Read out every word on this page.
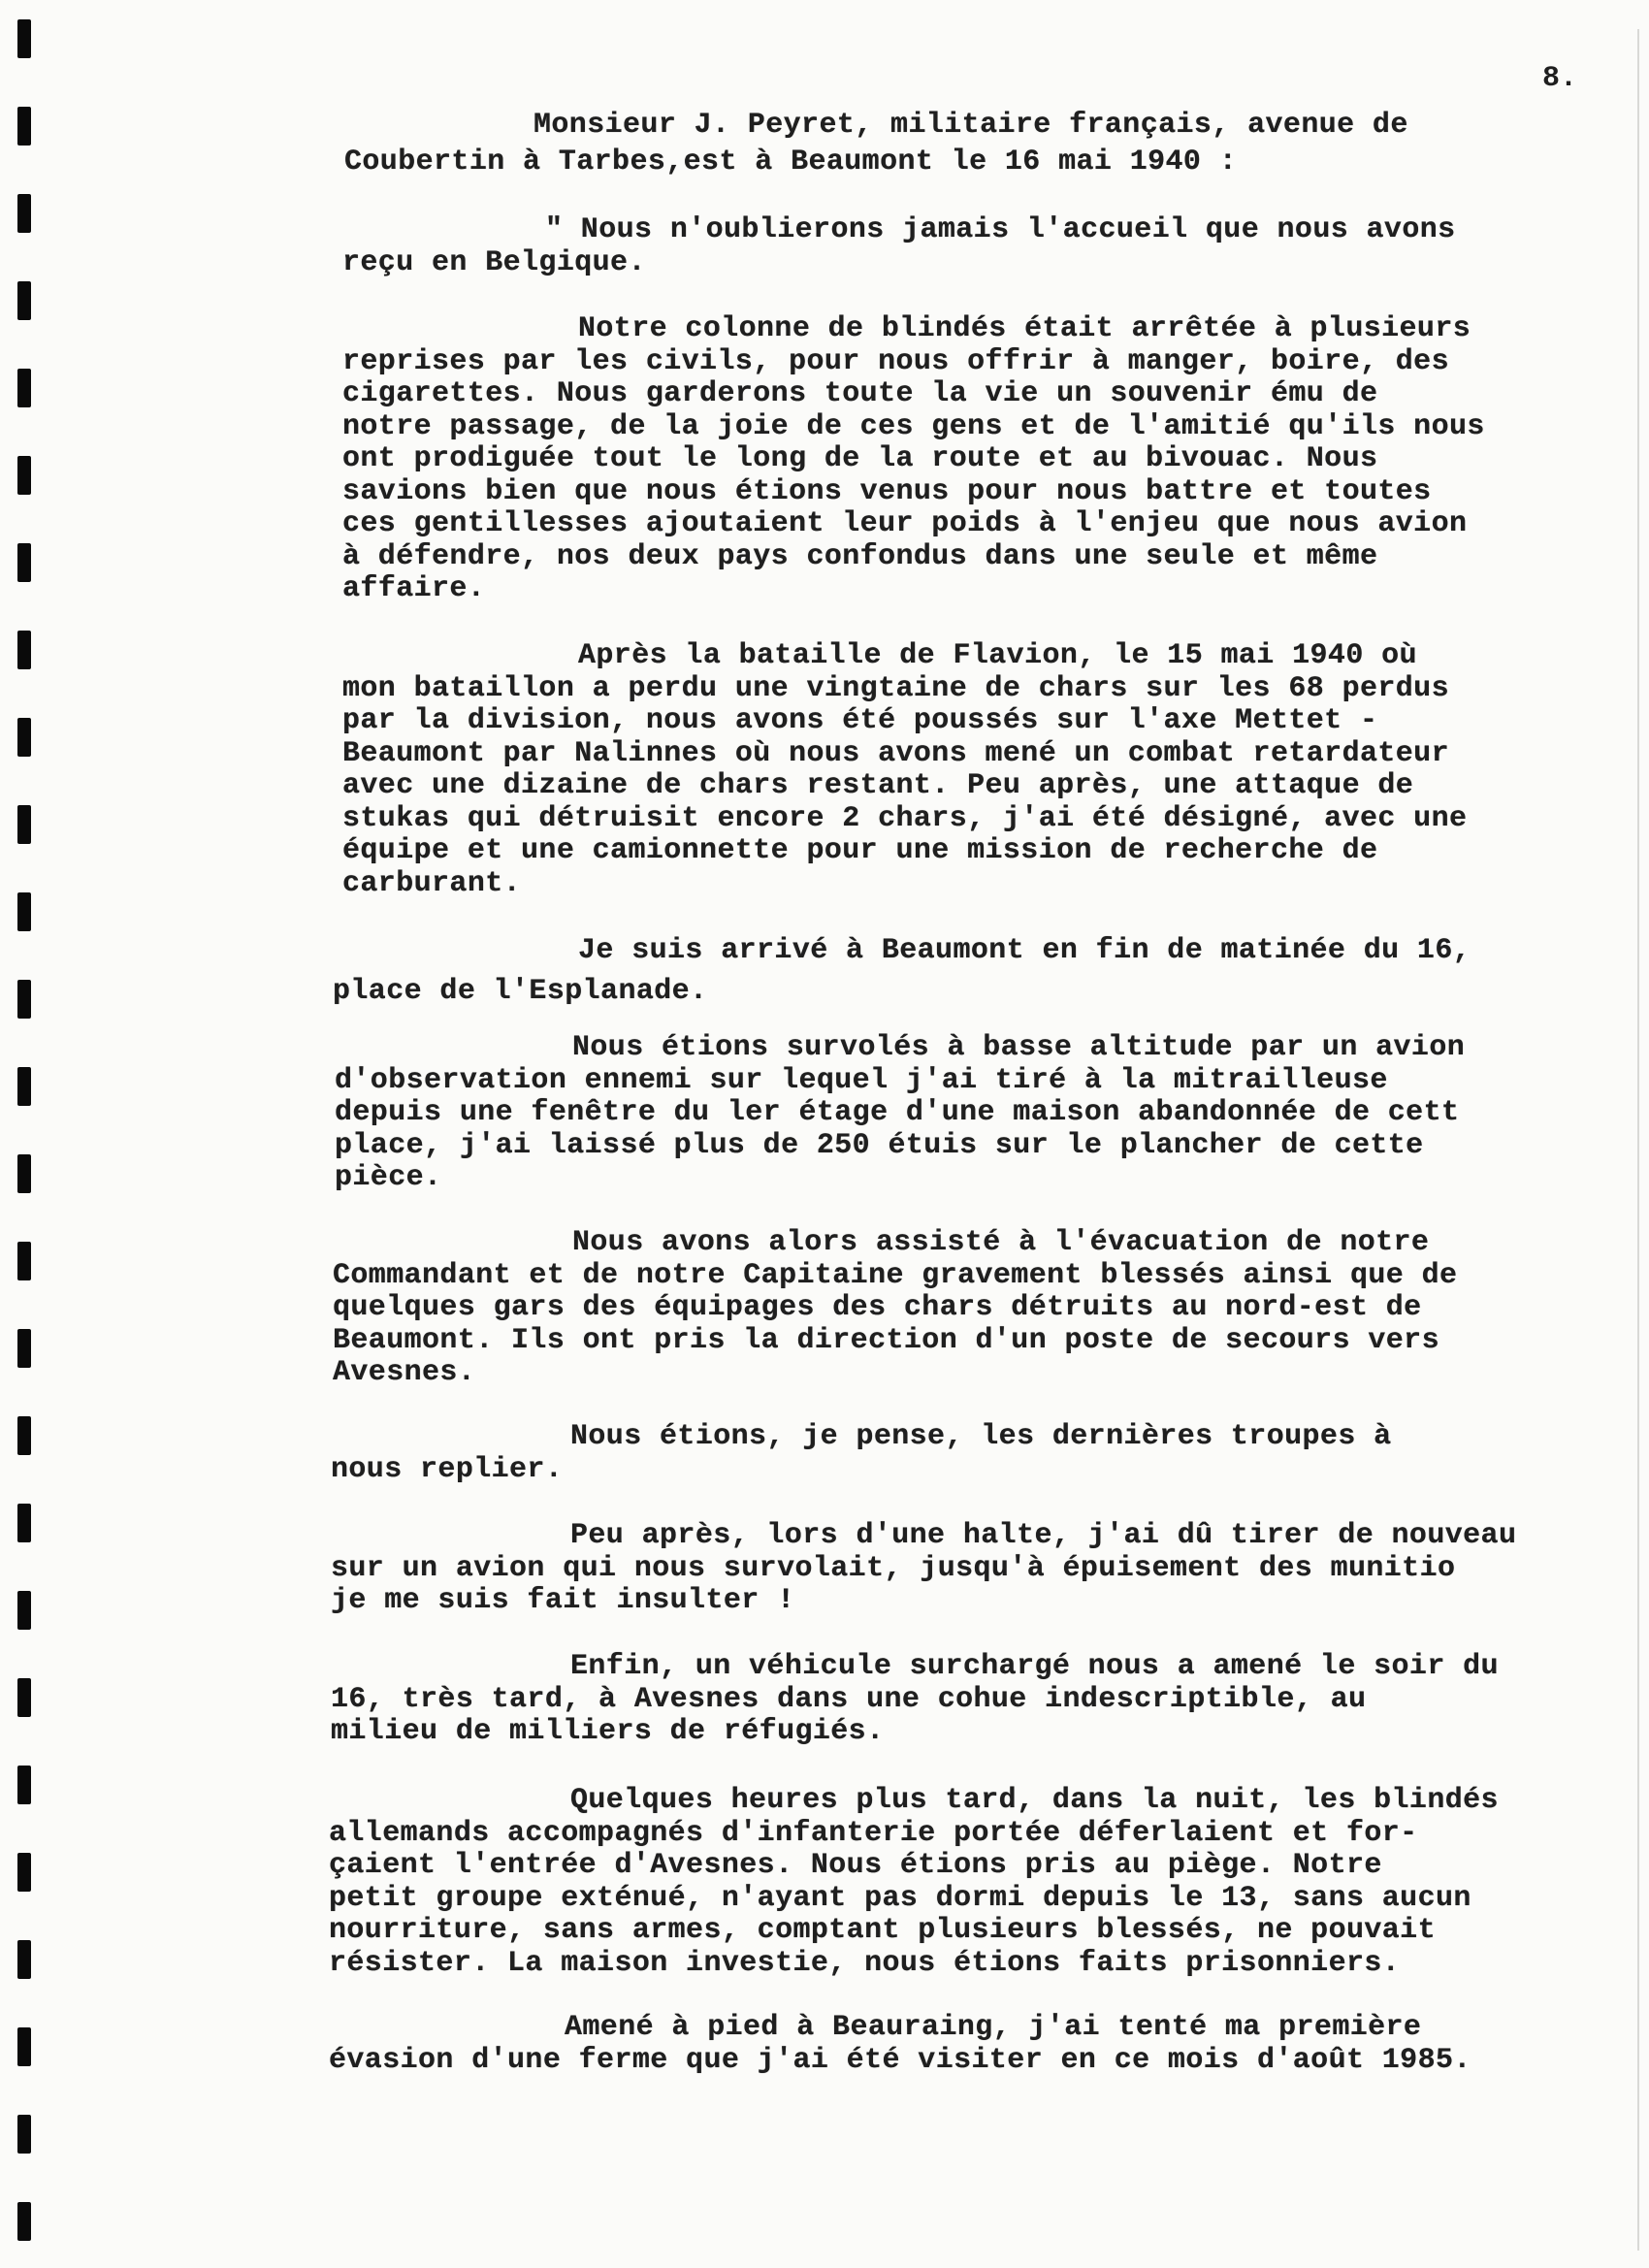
8.

Monsieur J. Peyret, militaire français, avenue de

Coubertin à Tarbes,est à Beaumont le 16 mai 1940 :

" Nous n'oublierons jamais l'accueil que nous avons

reçu en Belgique.

Notre colonne de blindés était arrêtée à plusieurs

reprises par les civils, pour nous offrir à manger, boire, des

cigarettes. Nous garderons toute la vie un souvenir ému de

notre passage, de la joie de ces gens et de l'amitié qu'ils nous

ont prodiguée tout le long de la route et au bivouac. Nous

savions bien que nous étions venus pour nous battre et toutes

ces gentillesses ajoutaient leur poids à l'enjeu que nous avion

à défendre, nos deux pays confondus dans une seule et même

affaire.

Après la bataille de Flavion, le 15 mai 1940 où

mon bataillon a perdu une vingtaine de chars sur les 68 perdus

par la division, nous avons été poussés sur l'axe Mettet -

Beaumont par Nalinnes où nous avons mené un combat retardateur

avec une dizaine de chars restant. Peu après, une attaque de

stukas qui détruisit encore 2 chars, j'ai été désigné, avec une

équipe et une camionnette pour une mission de recherche de

carburant.

Je suis arrivé à Beaumont en fin de matinée du 16,

place de l'Esplanade.

Nous étions survolés à basse altitude par un avion

d'observation ennemi sur lequel j'ai tiré à la mitrailleuse

depuis une fenêtre du ler étage d'une maison abandonnée de cett

place, j'ai laissé plus de 250 étuis sur le plancher de cette

pièce.

Nous avons alors assisté à l'évacuation de notre

Commandant et de notre Capitaine gravement blessés ainsi que de

quelques gars des équipages des chars détruits au nord-est de

Beaumont. Ils ont pris la direction d'un poste de secours vers

Avesnes.

Nous étions, je pense, les dernières troupes à

nous replier.

Peu après, lors d'une halte, j'ai dû tirer de nouveau

sur un avion qui nous survolait, jusqu'à épuisement des munitio

je me suis fait insulter !

Enfin, un véhicule surchargé nous a amené le soir du

16, très tard, à Avesnes dans une cohue indescriptible, au

milieu de milliers de réfugiés.

Quelques heures plus tard, dans la nuit, les blindés

allemands accompagnés d'infanterie portée déferlaient et for-

çaient l'entrée d'Avesnes. Nous étions pris au piège. Notre

petit groupe exténué, n'ayant pas dormi depuis le 13, sans aucun

nourriture, sans armes, comptant plusieurs blessés, ne pouvait

résister. La maison investie, nous étions faits prisonniers.

Amené à pied à Beauraing, j'ai tenté ma première

évasion d'une ferme que j'ai été visiter en ce mois d'août 1985.
